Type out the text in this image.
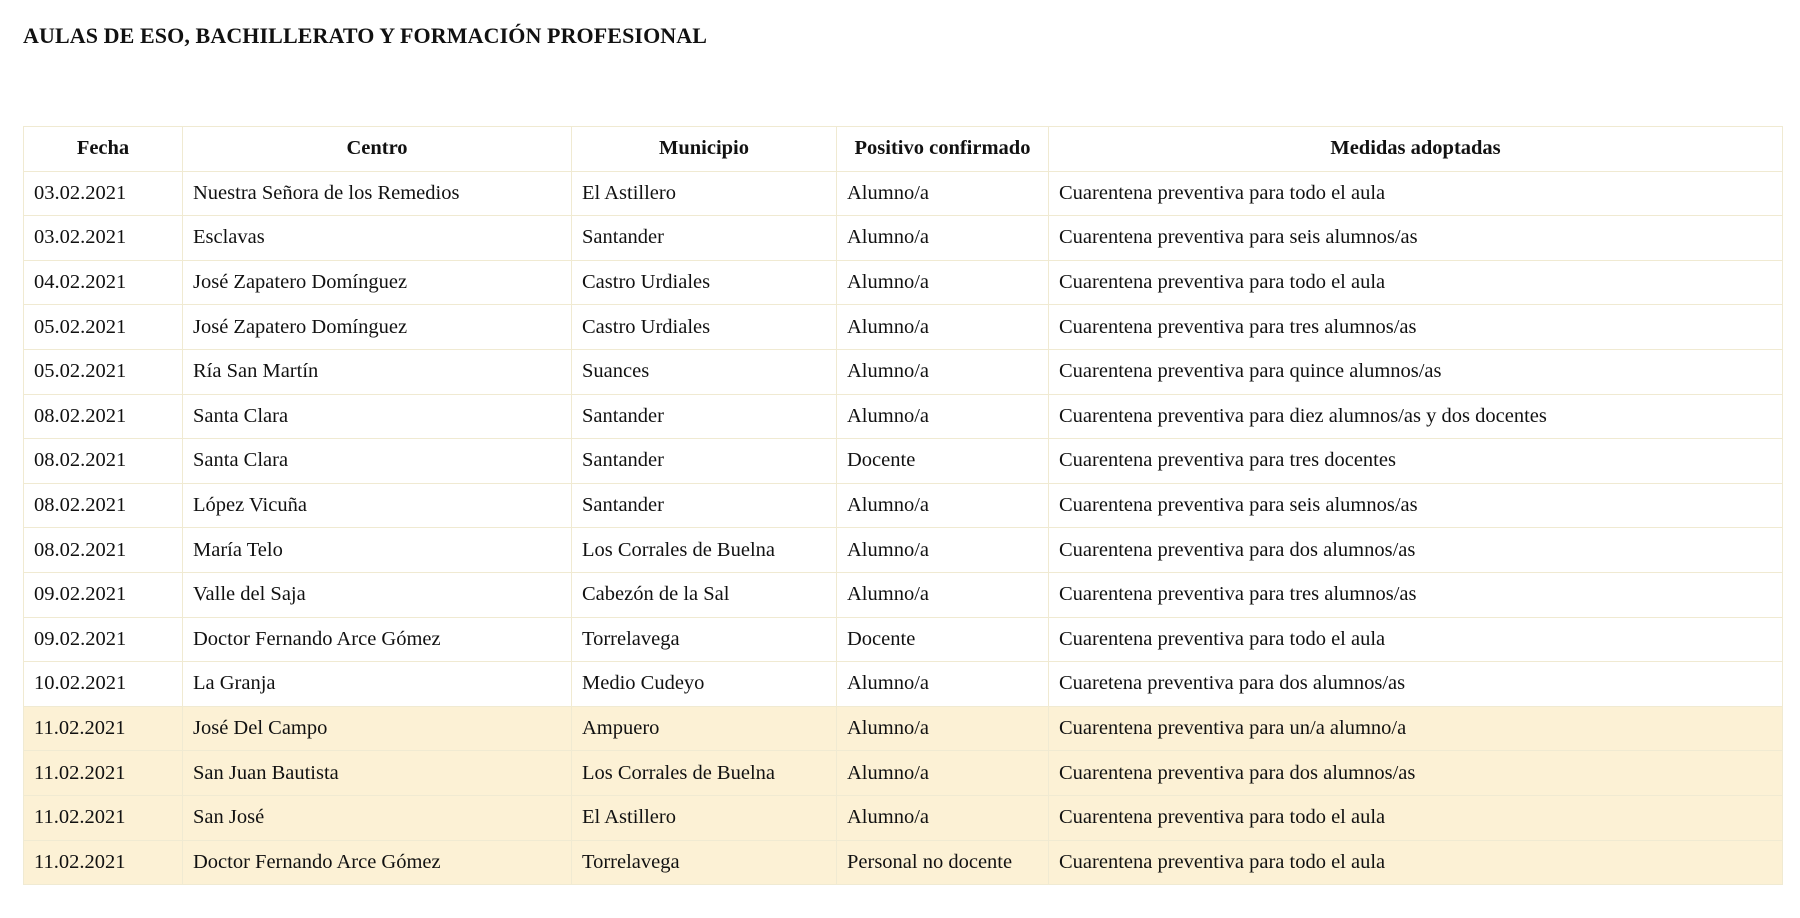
AULAS DE ESO, BACHILLERATO Y FORMACIÓN PROFESIONAL
Fecha	Centro	Municipio	Positivo confirmado	Medidas adoptadas
03.02.2021	Nuestra Señora de los Remedios	El Astillero	Alumno/a	Cuarentena preventiva para todo el aula
03.02.2021	Esclavas	Santander	Alumno/a	Cuarentena preventiva para seis alumnos/as
04.02.2021	José Zapatero Domínguez	Castro Urdiales	Alumno/a	Cuarentena preventiva para todo el aula
05.02.2021	José Zapatero Domínguez	Castro Urdiales	Alumno/a	Cuarentena preventiva para tres alumnos/as
05.02.2021	Ría San Martín	Suances	Alumno/a	Cuarentena preventiva para quince alumnos/as
08.02.2021	Santa Clara	Santander	Alumno/a	Cuarentena preventiva para diez alumnos/as y dos docentes
08.02.2021	Santa Clara	Santander	Docente	Cuarentena preventiva para tres docentes
08.02.2021	López Vicuña	Santander	Alumno/a	Cuarentena preventiva para seis alumnos/as
08.02.2021	María Telo	Los Corrales de Buelna	Alumno/a	Cuarentena preventiva para dos alumnos/as
09.02.2021	Valle del Saja	Cabezón de la Sal	Alumno/a	Cuarentena preventiva para tres alumnos/as
09.02.2021	Doctor Fernando Arce Gómez	Torrelavega	Docente	Cuarentena preventiva para todo el aula
10.02.2021	La Granja	Medio Cudeyo	Alumno/a	Cuaretena preventiva para dos alumnos/as
11.02.2021	José Del Campo	Ampuero	Alumno/a	Cuarentena preventiva para un/a alumno/a
11.02.2021	San Juan Bautista	Los Corrales de Buelna	Alumno/a	Cuarentena preventiva para dos alumnos/as
11.02.2021	San José	El Astillero	Alumno/a	Cuarentena preventiva para todo el aula
11.02.2021	Doctor Fernando Arce Gómez	Torrelavega	Personal no docente	Cuarentena preventiva para todo el aula
